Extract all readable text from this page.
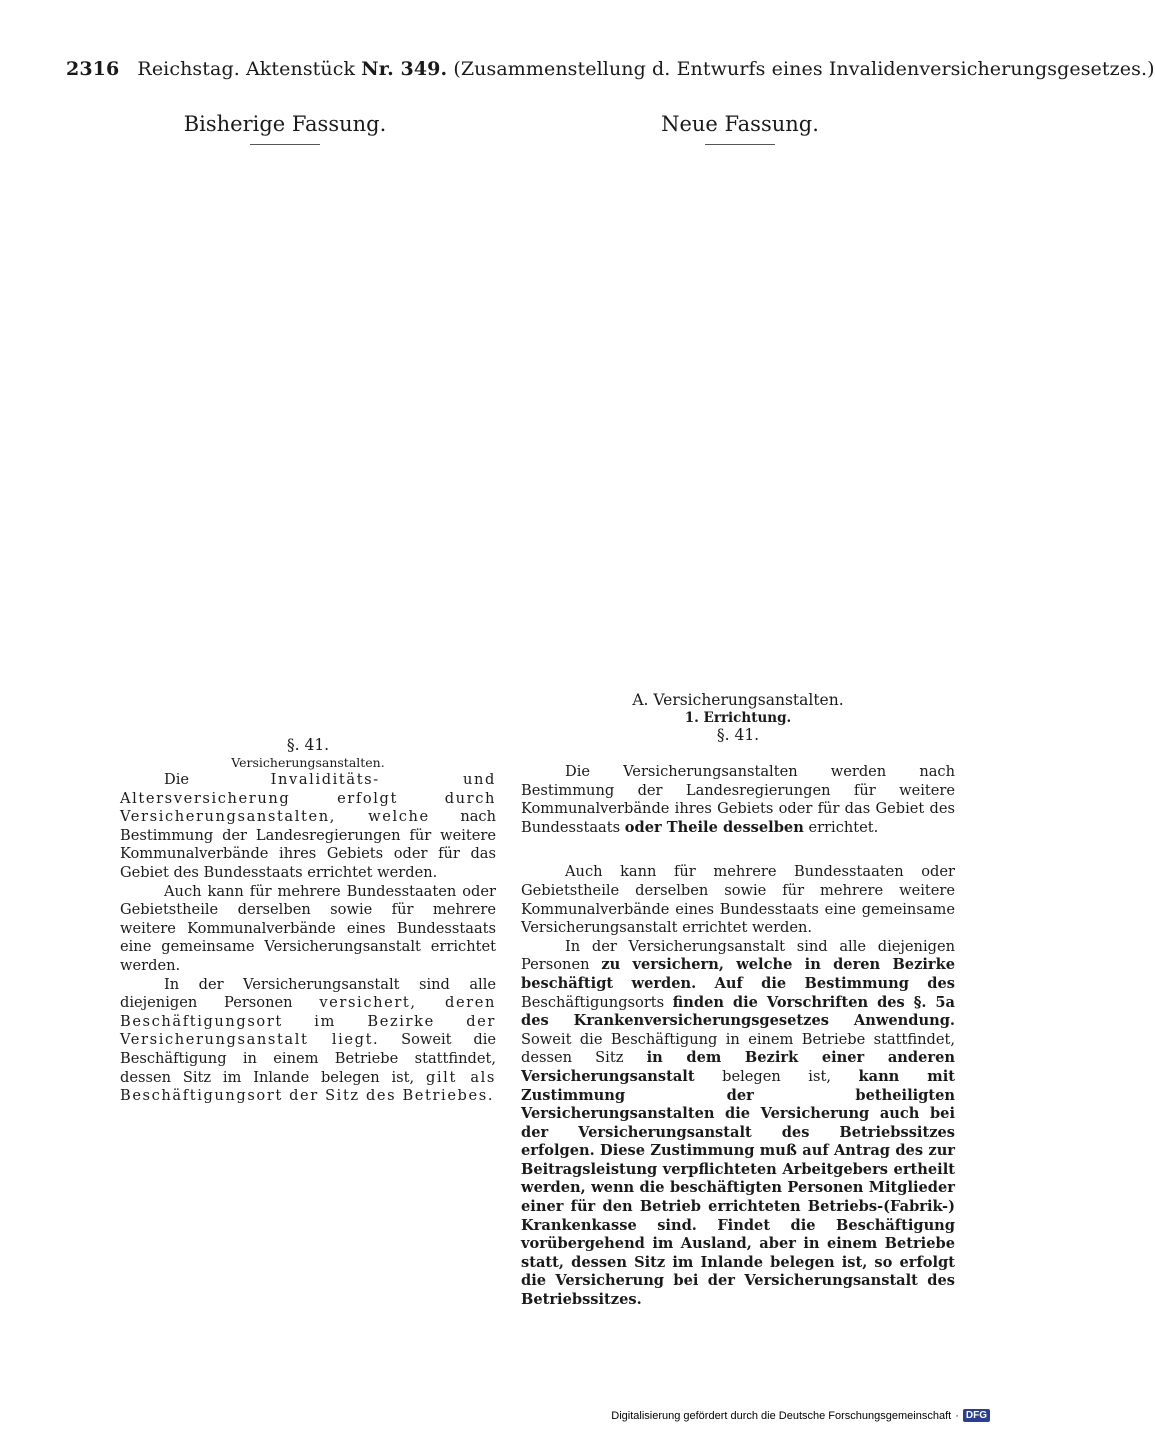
2316 Reichstag. Aktenstück Nr. 349. (Zusammenstellung d. Entwurfs eines Invalidenversicherungsgesetzes.)
Bisherige Fassung.	Neue Fassung.
§. 41.
Versicherungsanstalten.

Die Invaliditäts- und Altersversicherung erfolgt durch Versicherungsanstalten, welche nach Bestimmung der Landesregierungen für weitere Kommunalverbände ihres Gebiets oder für das Gebiet des Bundesstaats errichtet werden.

Auch kann für mehrere Bundesstaaten oder Gebietstheile derselben sowie für mehrere weitere Kommunalverbände eines Bundesstaats eine gemeinsame Versicherungsanstalt errichtet werden.

In der Versicherungsanstalt sind alle diejenigen Personen versichert, deren Beschäftigungsort im Bezirke der Versicherungsanstalt liegt. Soweit die Beschäftigung in einem Betriebe stattfindet, dessen Sitz im Inlande belegen ist, gilt als Beschäftigungsort der Sitz des Betriebes.

A. Versicherungsanstalten.
1. Errichtung.
§. 41.

Die Versicherungsanstalten werden nach Bestimmung der Landesregierungen für weitere Kommunalverbände ihres Gebiets oder für das Gebiet des Bundesstaats oder Theile desselben errichtet.

Auch kann für mehrere Bundesstaaten oder Gebietstheile derselben sowie für mehrere weitere Kommunalverbände eines Bundesstaats eine gemeinsame Versicherungsanstalt errichtet werden.

In der Versicherungsanstalt sind alle diejenigen Personen zu versichern, welche in deren Bezirke beschäftigt werden. Auf die Bestimmung des Beschäftigungsorts finden die Vorschriften des §. 5a des Krankenversicherungsgesetzes Anwendung. Soweit die Beschäftigung in einem Betriebe stattfindet, dessen Sitz in dem Bezirk einer anderen Versicherungsanstalt belegen ist, kann mit Zustimmung der betheiligten Versicherungsanstalten die Versicherung auch bei der Versicherungsanstalt des Betriebssitzes erfolgen. Diese Zustimmung muß auf Antrag des zur Beitragsleistung verpflichteten Arbeitgebers ertheilt werden, wenn die beschäftigten Personen Mitglieder einer für den Betrieb errichteten Betriebs-(Fabrik-) Krankenkasse sind. Findet die Beschäftigung vorübergehend im Ausland, aber in einem Betriebe statt, dessen Sitz im Inlande belegen ist, so erfolgt die Versicherung bei der Versicherungsanstalt des Betriebssitzes.

Digitalisierung gefördert durch die Deutsche Forschungsgemeinschaft · DFG
